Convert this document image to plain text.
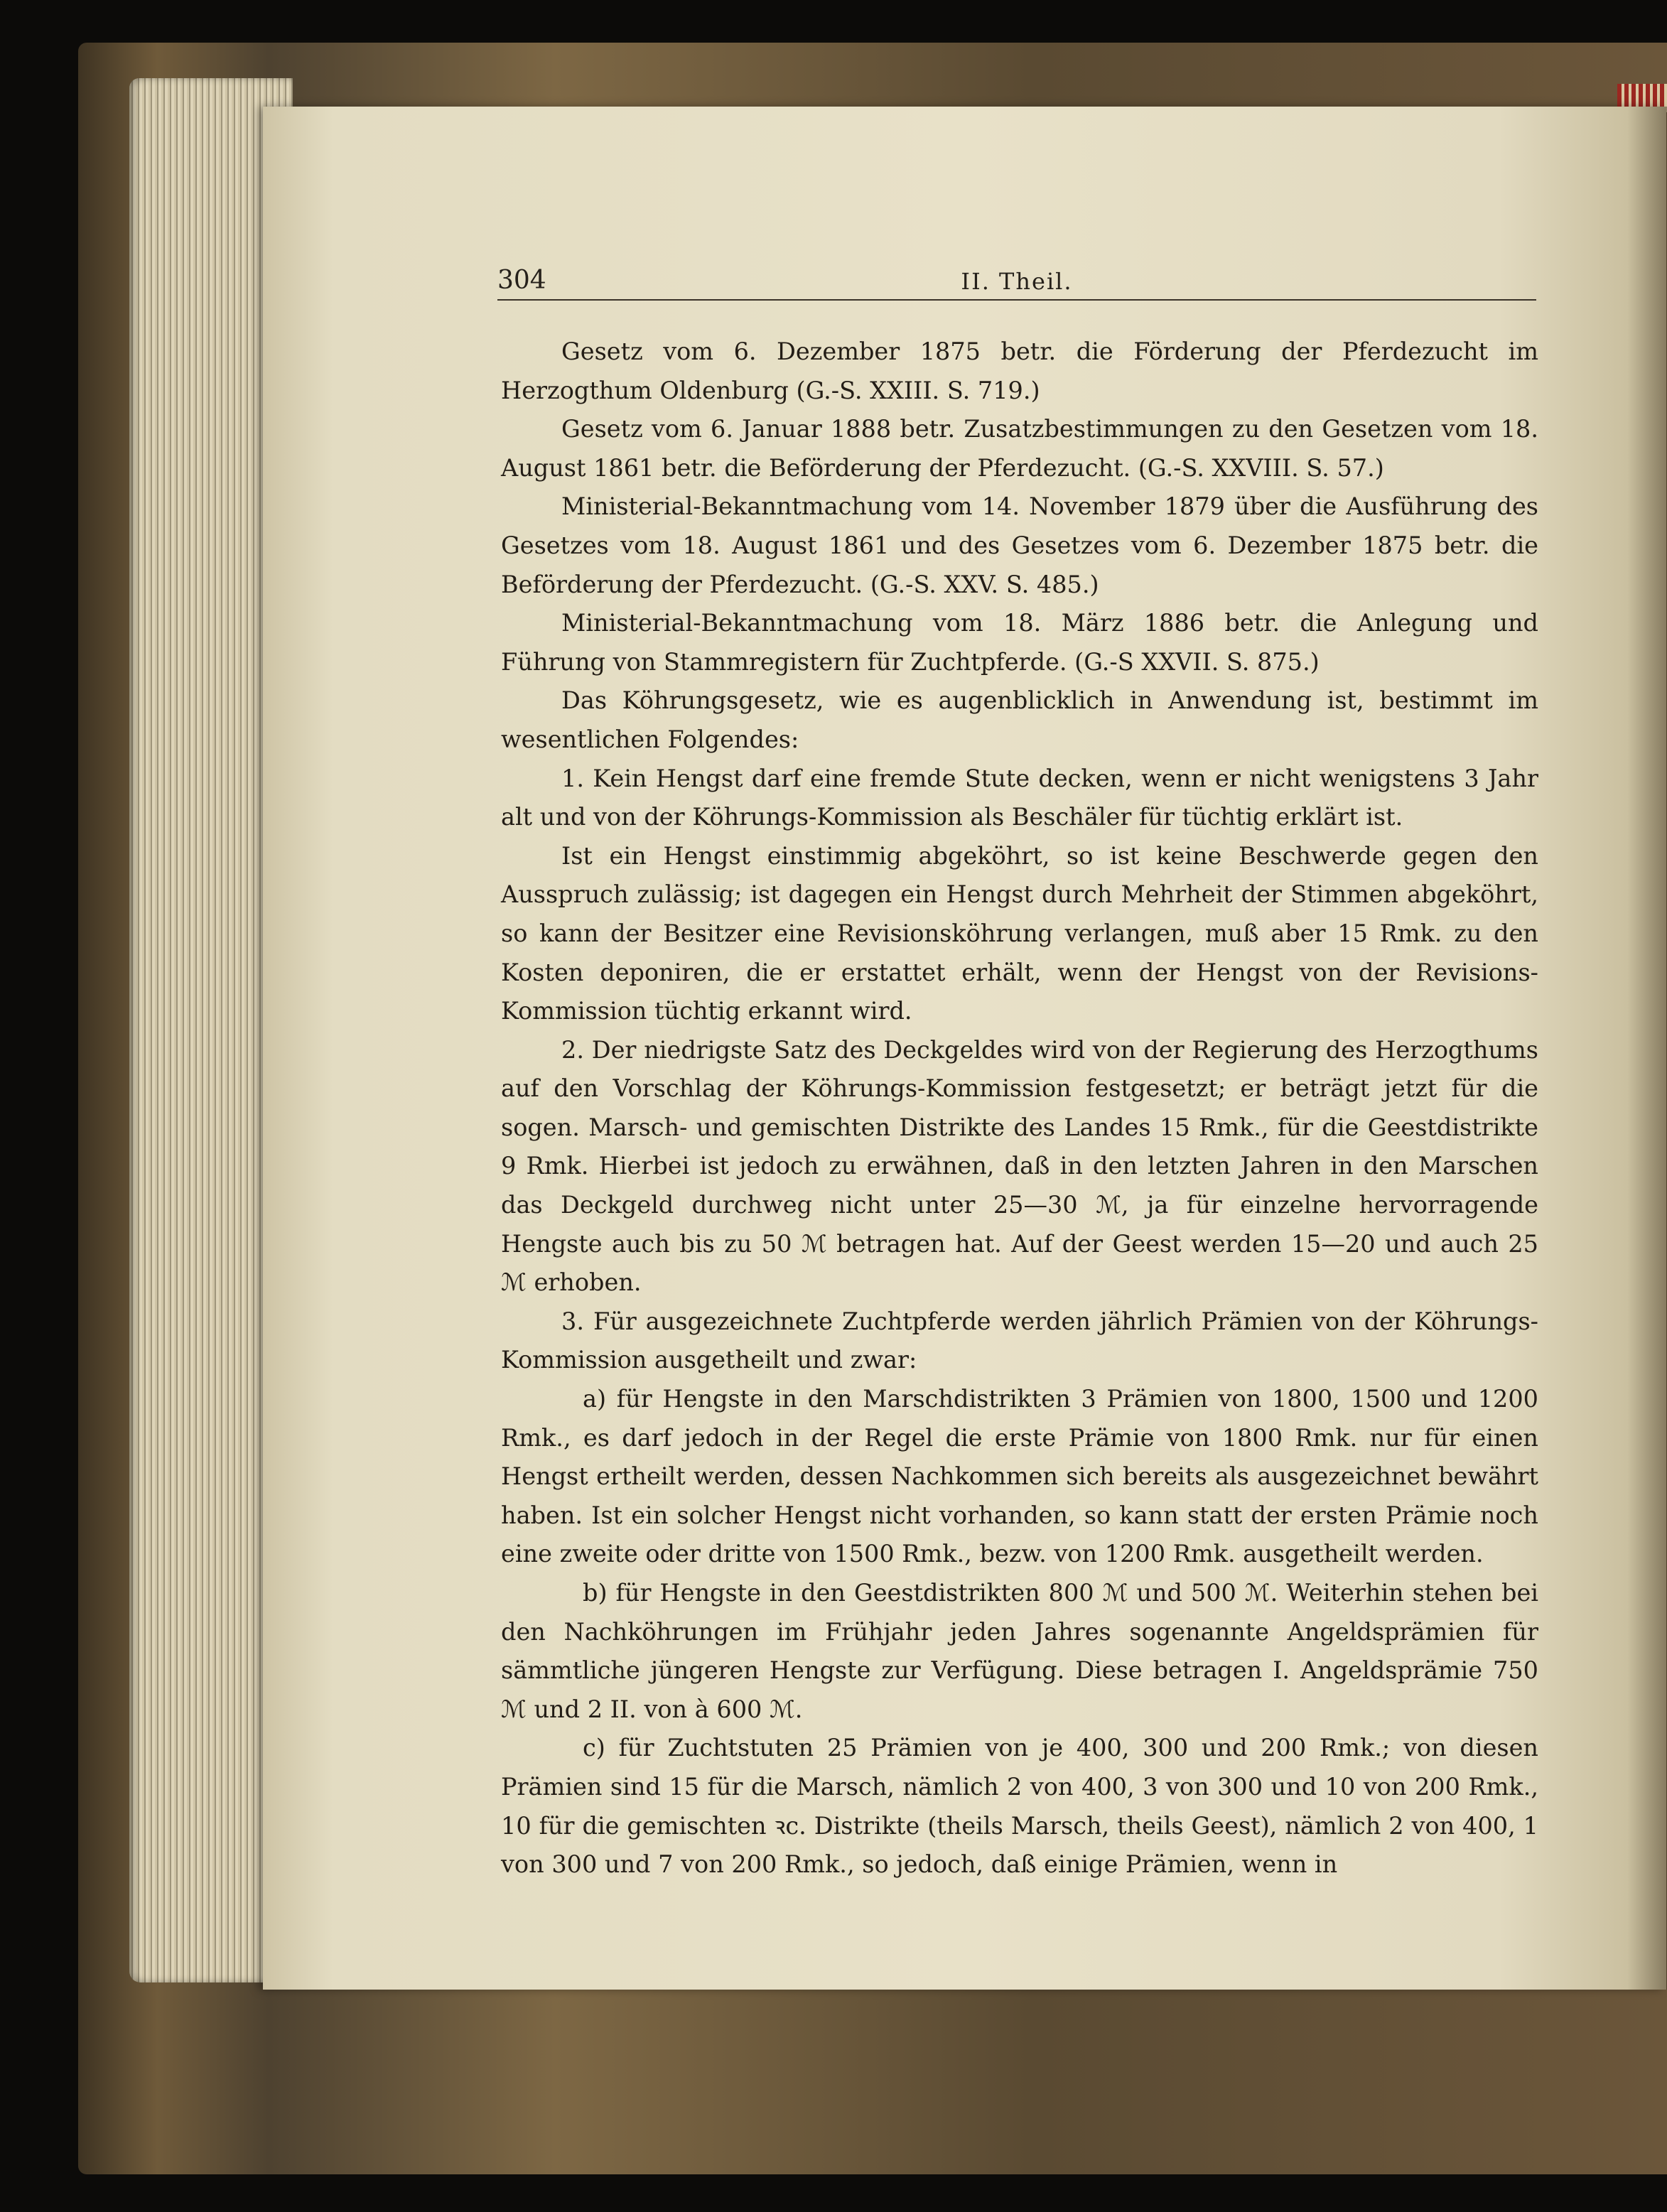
304	II. Theil.

Gesetz vom 6. Dezember 1875 betr. die Förderung der Pferdezucht im Herzogthum Oldenburg (G.-S. XXIII. S. 719.)

Gesetz vom 6. Januar 1888 betr. Zusatzbestimmungen zu den Gesetzen vom 18. August 1861 betr. die Beförderung der Pferdezucht. (G.-S. XXVIII. S. 57.)

Ministerial-Bekanntmachung vom 14. November 1879 über die Ausführung des Gesetzes vom 18. August 1861 und des Gesetzes vom 6. Dezember 1875 betr. die Beförderung der Pferdezucht. (G.-S. XXV. S. 485.)

Ministerial-Bekanntmachung vom 18. März 1886 betr. die Anlegung und Führung von Stammregistern für Zuchtpferde. (G.-S XXVII. S. 875.)

Das Köhrungsgesetz, wie es augenblicklich in Anwendung ist, bestimmt im wesentlichen Folgendes:

1. Kein Hengst darf eine fremde Stute decken, wenn er nicht wenigstens 3 Jahr alt und von der Köhrungs-Kommission als Beschäler für tüchtig erklärt ist.

Ist ein Hengst einstimmig abgeköhrt, so ist keine Beschwerde gegen den Ausspruch zulässig; ist dagegen ein Hengst durch Mehrheit der Stimmen abgeköhrt, so kann der Besitzer eine Revisionsköhrung verlangen, muß aber 15 Rmk. zu den Kosten deponiren, die er erstattet erhält, wenn der Hengst von der Revisions-Kommission tüchtig erkannt wird.

2. Der niedrigste Satz des Deckgeldes wird von der Regierung des Herzogthums auf den Vorschlag der Köhrungs-Kommission festgesetzt; er beträgt jetzt für die sogen. Marsch- und gemischten Distrikte des Landes 15 Rmk., für die Geestdistrikte 9 Rmk. Hierbei ist jedoch zu erwähnen, daß in den letzten Jahren in den Marschen das Deckgeld durchweg nicht unter 25—30 ℳ, ja für einzelne hervorragende Hengste auch bis zu 50 ℳ betragen hat. Auf der Geest werden 15—20 und auch 25 ℳ erhoben.

3. Für ausgezeichnete Zuchtpferde werden jährlich Prämien von der Köhrungs-Kommission ausgetheilt und zwar:

a) für Hengste in den Marschdistrikten 3 Prämien von 1800, 1500 und 1200 Rmk., es darf jedoch in der Regel die erste Prämie von 1800 Rmk. nur für einen Hengst ertheilt werden, dessen Nachkommen sich bereits als ausgezeichnet bewährt haben. Ist ein solcher Hengst nicht vorhanden, so kann statt der ersten Prämie noch eine zweite oder dritte von 1500 Rmk., bezw. von 1200 Rmk. ausgetheilt werden.

b) für Hengste in den Geestdistrikten 800 ℳ und 500 ℳ. Weiterhin stehen bei den Nachköhrungen im Frühjahr jeden Jahres sogenannte Angeldsprämien für sämmtliche jüngeren Hengste zur Verfügung. Diese betragen I. Angeldsprämie 750 ℳ und 2 II. von à 600 ℳ.

c) für Zuchtstuten 25 Prämien von je 400, 300 und 200 Rmk.; von diesen Prämien sind 15 für die Marsch, nämlich 2 von 400, 3 von 300 und 10 von 200 Rmk., 10 für die gemischten ꝛc. Distrikte (theils Marsch, theils Geest), nämlich 2 von 400, 1 von 300 und 7 von 200 Rmk., so jedoch, daß einige Prämien, wenn in
